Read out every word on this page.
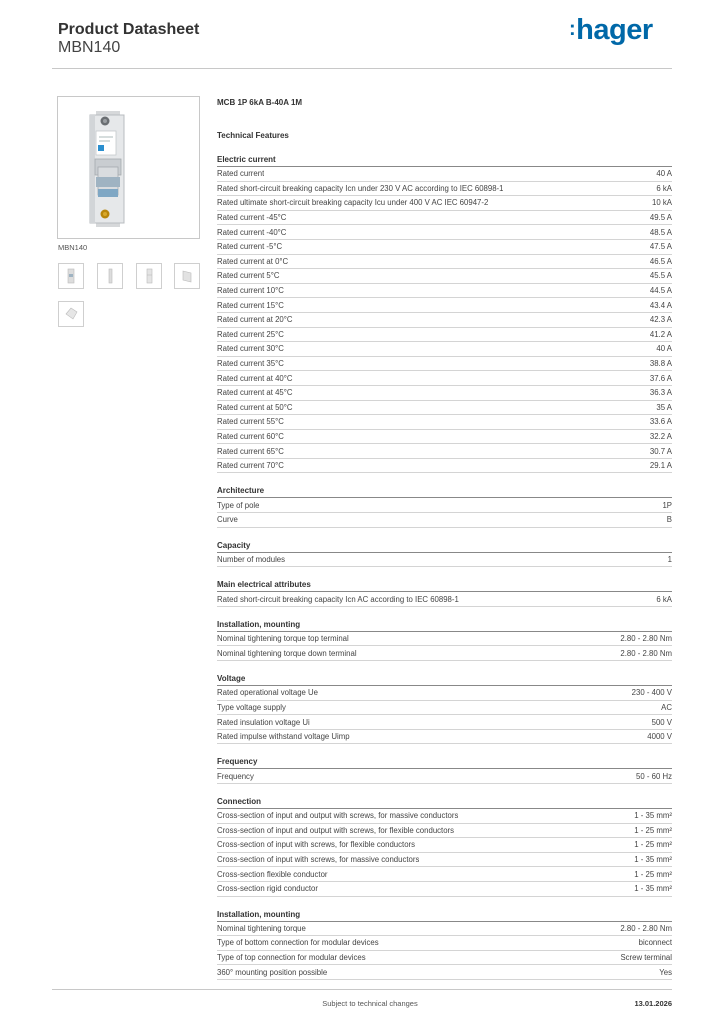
Product Datasheet
MBN140
:hager
MBN140
MCB 1P 6kA B-40A 1M
Technical Features
Electric current
Rated current	40 A
Rated short-circuit breaking capacity Icn under 230 V AC according to IEC 60898-1	6 kA
Rated ultimate short-circuit breaking capacity Icu under 400 V AC IEC 60947-2	10 kA
Rated current -45°C	49.5 A
Rated current -40°C	48.5 A
Rated current -5°C	47.5 A
Rated current at 0°C	46.5 A
Rated current 5°C	45.5 A
Rated current 10°C	44.5 A
Rated current 15°C	43.4 A
Rated current at 20°C	42.3 A
Rated current 25°C	41.2 A
Rated current 30°C	40 A
Rated current 35°C	38.8 A
Rated current at 40°C	37.6 A
Rated current at 45°C	36.3 A
Rated current at 50°C	35 A
Rated current 55°C	33.6 A
Rated current 60°C	32.2 A
Rated current 65°C	30.7 A
Rated current 70°C	29.1 A
Architecture
Type of pole	1P
Curve	B
Capacity
Number of modules	1
Main electrical attributes
Rated short-circuit breaking capacity Icn AC according to IEC 60898-1	6 kA
Installation, mounting
Nominal tightening torque top terminal	2.80 - 2.80 Nm
Nominal tightening torque down terminal	2.80 - 2.80 Nm
Voltage
Rated operational voltage Ue	230 - 400 V
Type voltage supply	AC
Rated insulation voltage Ui	500 V
Rated impulse withstand voltage Uimp	4000 V
Frequency
Frequency	50 - 60 Hz
Connection
Cross-section of input and output with screws, for massive conductors	1 - 35 mm²
Cross-section of input and output with screws, for flexible conductors	1 - 25 mm²
Cross-section of input with screws, for flexible conductors	1 - 25 mm²
Cross-section of input with screws, for massive conductors	1 - 35 mm²
Cross-section flexible conductor	1 - 25 mm²
Cross-section rigid conductor	1 - 35 mm²
Installation, mounting
Nominal tightening torque	2.80 - 2.80 Nm
Type of bottom connection for modular devices	biconnect
Type of top connection for modular devices	Screw terminal
360° mounting position possible	Yes
Subject to technical changes	13.01.2026
